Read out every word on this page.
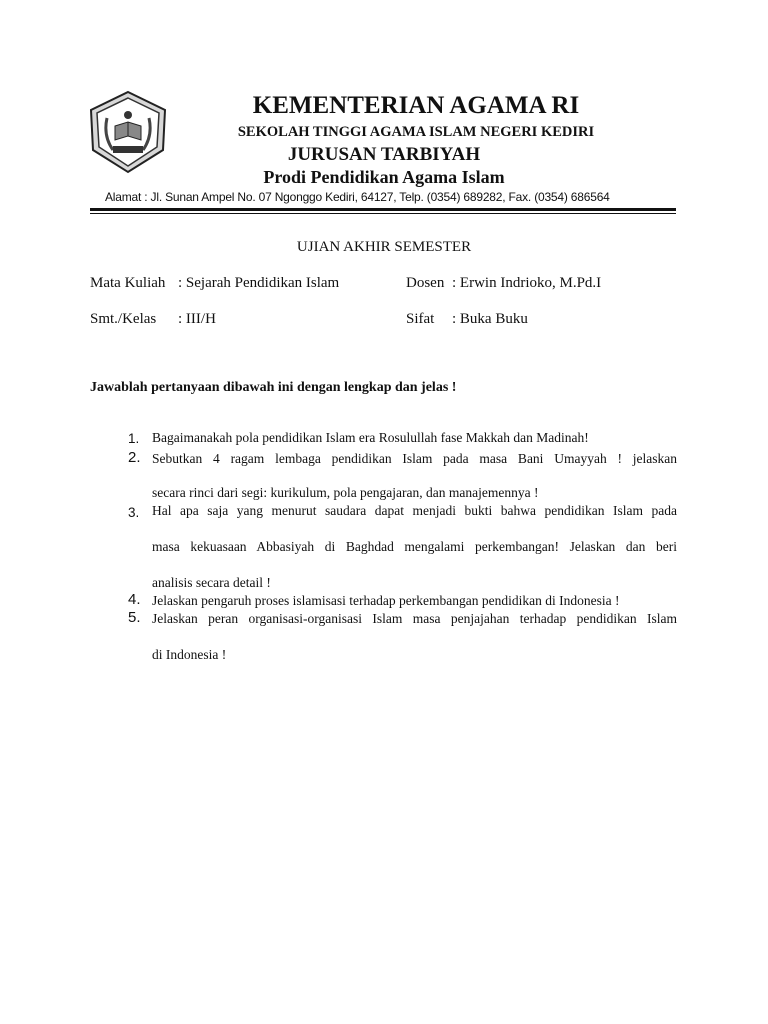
KEMENTERIAN AGAMA RI
SEKOLAH TINGGI AGAMA ISLAM NEGERI KEDIRI
JURUSAN TARBIYAH
Prodi Pendidikan Agama Islam
Alamat : Jl. Sunan Ampel No. 07 Ngonggo Kediri, 64127, Telp. (0354) 689282, Fax. (0354) 686564
UJIAN AKHIR SEMESTER
Mata Kuliah : Sejarah Pendidikan Islam	Dosen : Erwin Indrioko, M.Pd.I
Smt./Kelas : III/H	Sifat : Buka Buku
Jawablah pertanyaan dibawah ini dengan lengkap dan jelas !
1. Bagaimanakah pola pendidikan Islam era Rosulullah fase Makkah dan Madinah!
2. Sebutkan 4 ragam lembaga pendidikan Islam pada masa Bani Umayyah ! jelaskan
secara rinci dari segi: kurikulum, pola pengajaran, dan manajemennya !
3. Hal apa saja yang menurut saudara dapat menjadi bukti bahwa pendidikan Islam pada
masa kekuasaan Abbasiyah di Baghdad mengalami perkembangan! Jelaskan dan beri
analisis secara detail !
4. Jelaskan pengaruh proses islamisasi terhadap perkembangan pendidikan di Indonesia !
5. Jelaskan peran organisasi-organisasi Islam masa penjajahan terhadap pendidikan Islam
di Indonesia !
